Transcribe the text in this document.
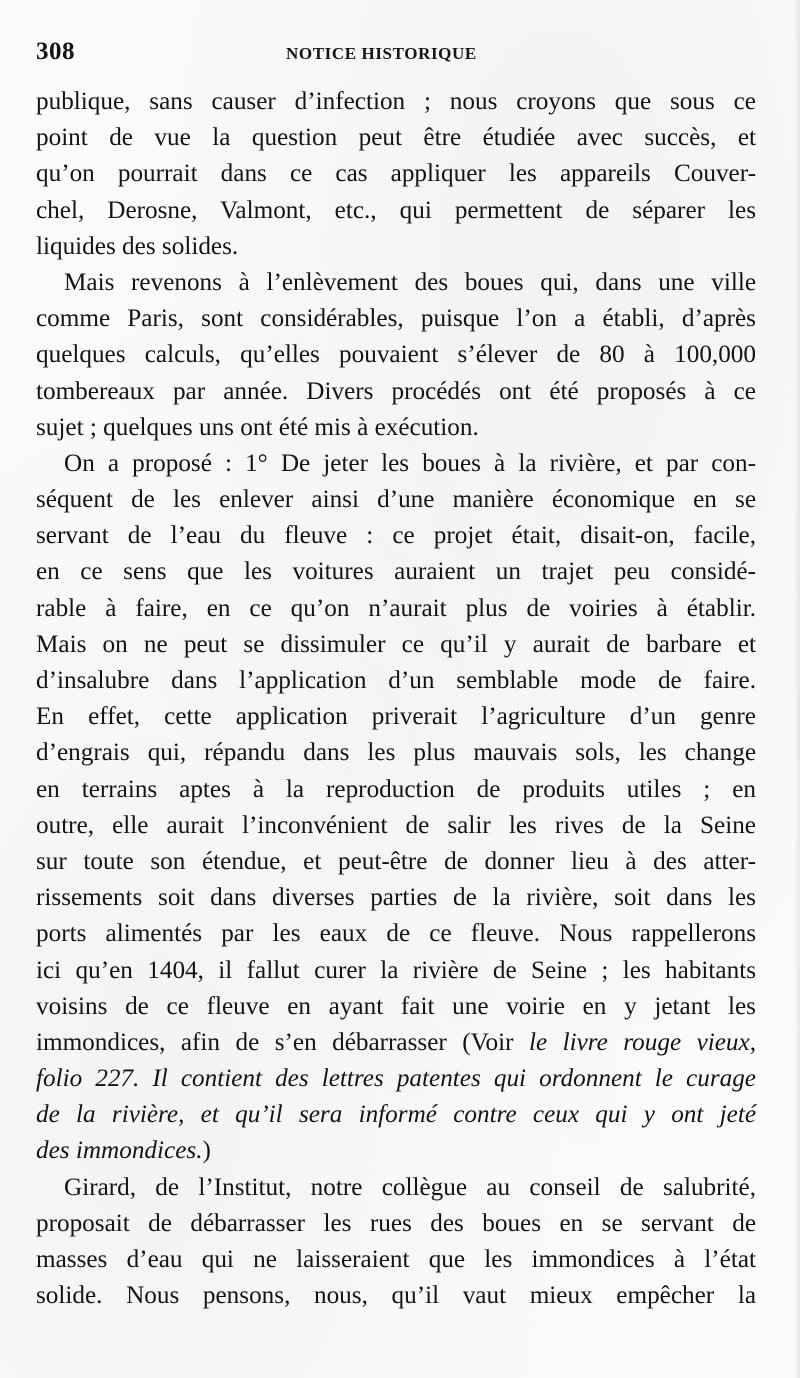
308	NOTICE HISTORIQUE
publique, sans causer d’infection ; nous croyons que sous ce
point de vue la question peut être étudiée avec succès, et
qu’on pourrait dans ce cas appliquer les appareils Couver-
chel, Derosne, Valmont, etc., qui permettent de séparer les
liquides des solides.
Mais revenons à l’enlèvement des boues qui, dans une ville
comme Paris, sont considérables, puisque l’on a établi, d’après
quelques calculs, qu’elles pouvaient s’élever de 80 à 100,000
tombereaux par année. Divers procédés ont été proposés à ce
sujet ; quelques uns ont été mis à exécution.
On a proposé : 1° De jeter les boues à la rivière, et par con-
séquent de les enlever ainsi d’une manière économique en se
servant de l’eau du fleuve : ce projet était, disait-on, facile,
en ce sens que les voitures auraient un trajet peu considé-
rable à faire, en ce qu’on n’aurait plus de voiries à établir.
Mais on ne peut se dissimuler ce qu’il y aurait de barbare et
d’insalubre dans l’application d’un semblable mode de faire.
En effet, cette application priverait l’agriculture d’un genre
d’engrais qui, répandu dans les plus mauvais sols, les change
en terrains aptes à la reproduction de produits utiles ; en
outre, elle aurait l’inconvénient de salir les rives de la Seine
sur toute son étendue, et peut-être de donner lieu à des atter-
rissements soit dans diverses parties de la rivière, soit dans les
ports alimentés par les eaux de ce fleuve. Nous rappellerons
ici qu’en 1404, il fallut curer la rivière de Seine ; les habitants
voisins de ce fleuve en ayant fait une voirie en y jetant les
immondices, afin de s’en débarrasser (Voir le livre rouge vieux,
folio 227. Il contient des lettres patentes qui ordonnent le curage
de la rivière, et qu’il sera informé contre ceux qui y ont jeté
des immondices.)
Girard, de l’Institut, notre collègue au conseil de salubrité,
proposait de débarrasser les rues des boues en se servant de
masses d’eau qui ne laisseraient que les immondices à l’état
solide. Nous pensons, nous, qu’il vaut mieux empêcher la
